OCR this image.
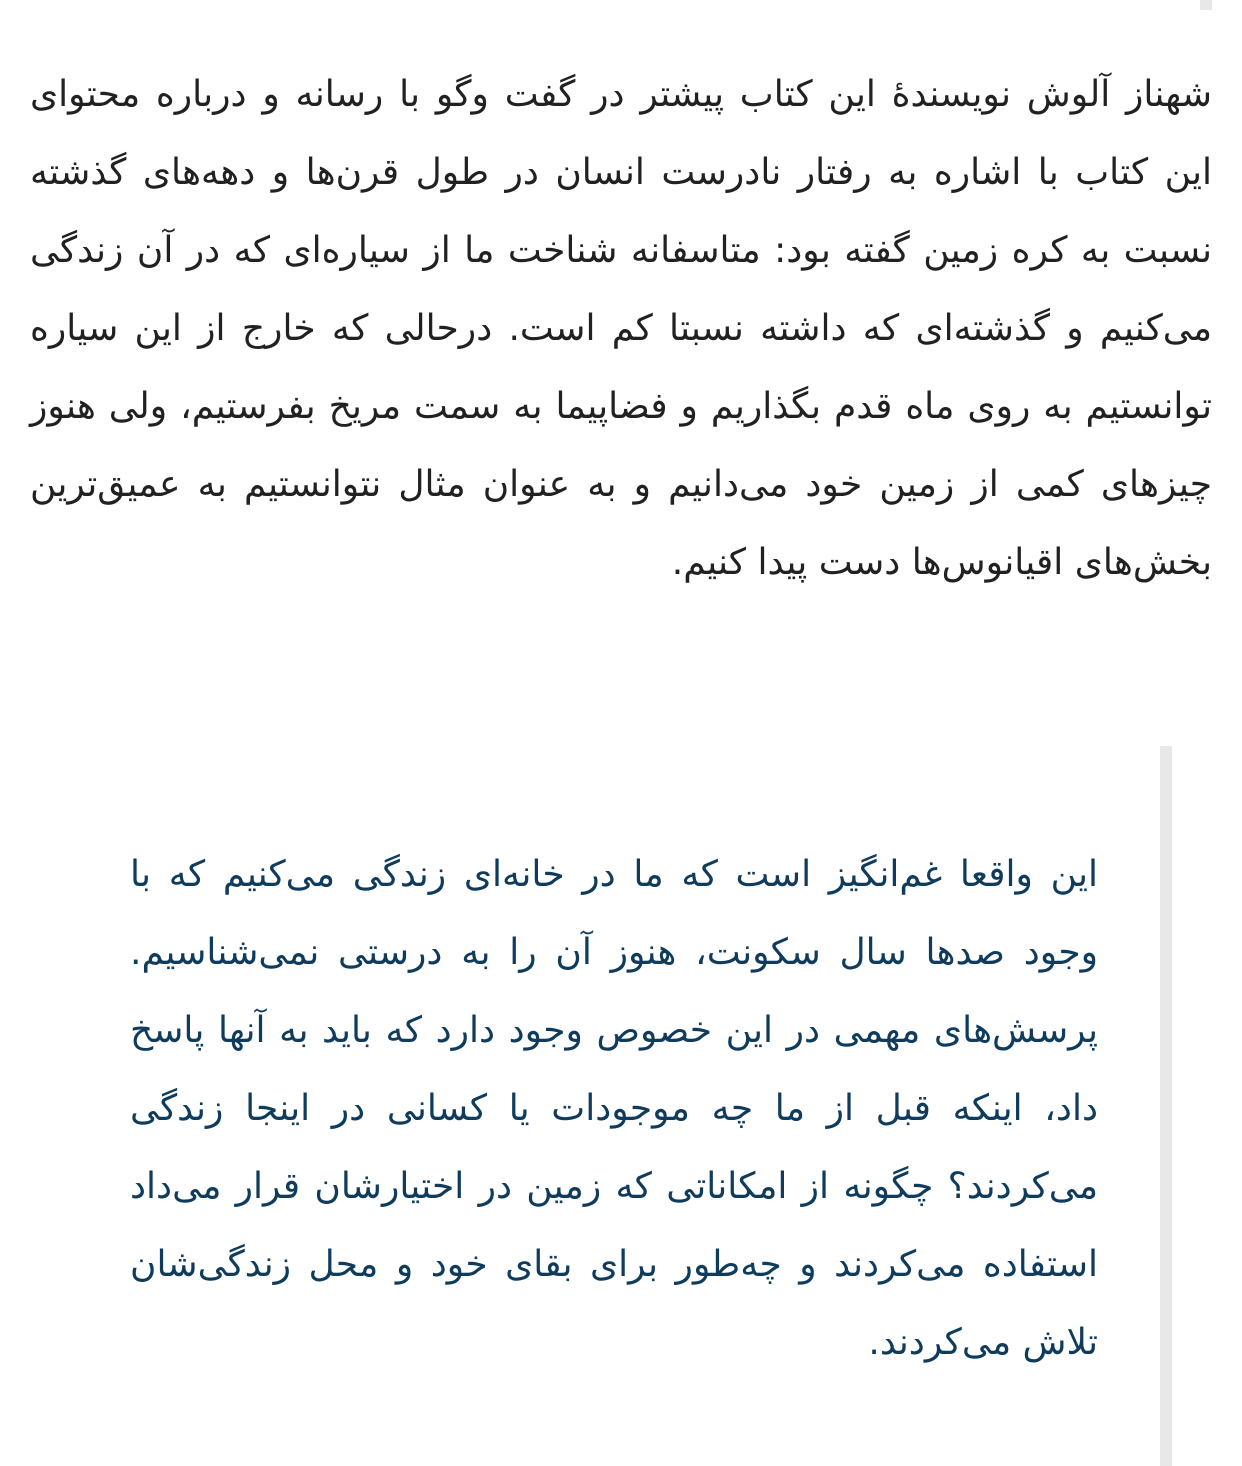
شهناز آلوش نویسندهٔ این کتاب پیشتر در گفت وگو با رسانه و درباره محتوای این کتاب با اشاره به رفتار نادرست انسان در طول قرن‌ها و دهه‌های گذشته نسبت به کره زمین گفته بود: متاسفانه شناخت ما از سیاره‌ای که در آن زندگی می‌کنیم و گذشته‌ای که داشته نسبتا کم است. درحالی که خارج از این سیاره توانستیم به روی ماه قدم بگذاریم و فضاپیما به سمت مریخ بفرستیم، ولی هنوز چیزهای کمی از زمین خود می‌دانیم و به عنوان مثال نتوانستیم به عمیق‌ترین بخش‌های اقیانوس‌ها دست پیدا کنیم.

این واقعا غم‌انگیز است که ما در خانه‌ای زندگی می‌کنیم که با وجود صدها سال سکونت، هنوز آن را به درستی نمی‌شناسیم. پرسش‌های مهمی در این خصوص وجود دارد که باید به آنها پاسخ داد، اینکه قبل از ما چه موجودات یا کسانی در اینجا زندگی می‌کردند؟ چگونه از امکاناتی که زمین در اختیارشان قرار می‌داد استفاده می‌کردند و چه‌طور برای بقای خود و محل زندگی‌شان تلاش می‌کردند.
